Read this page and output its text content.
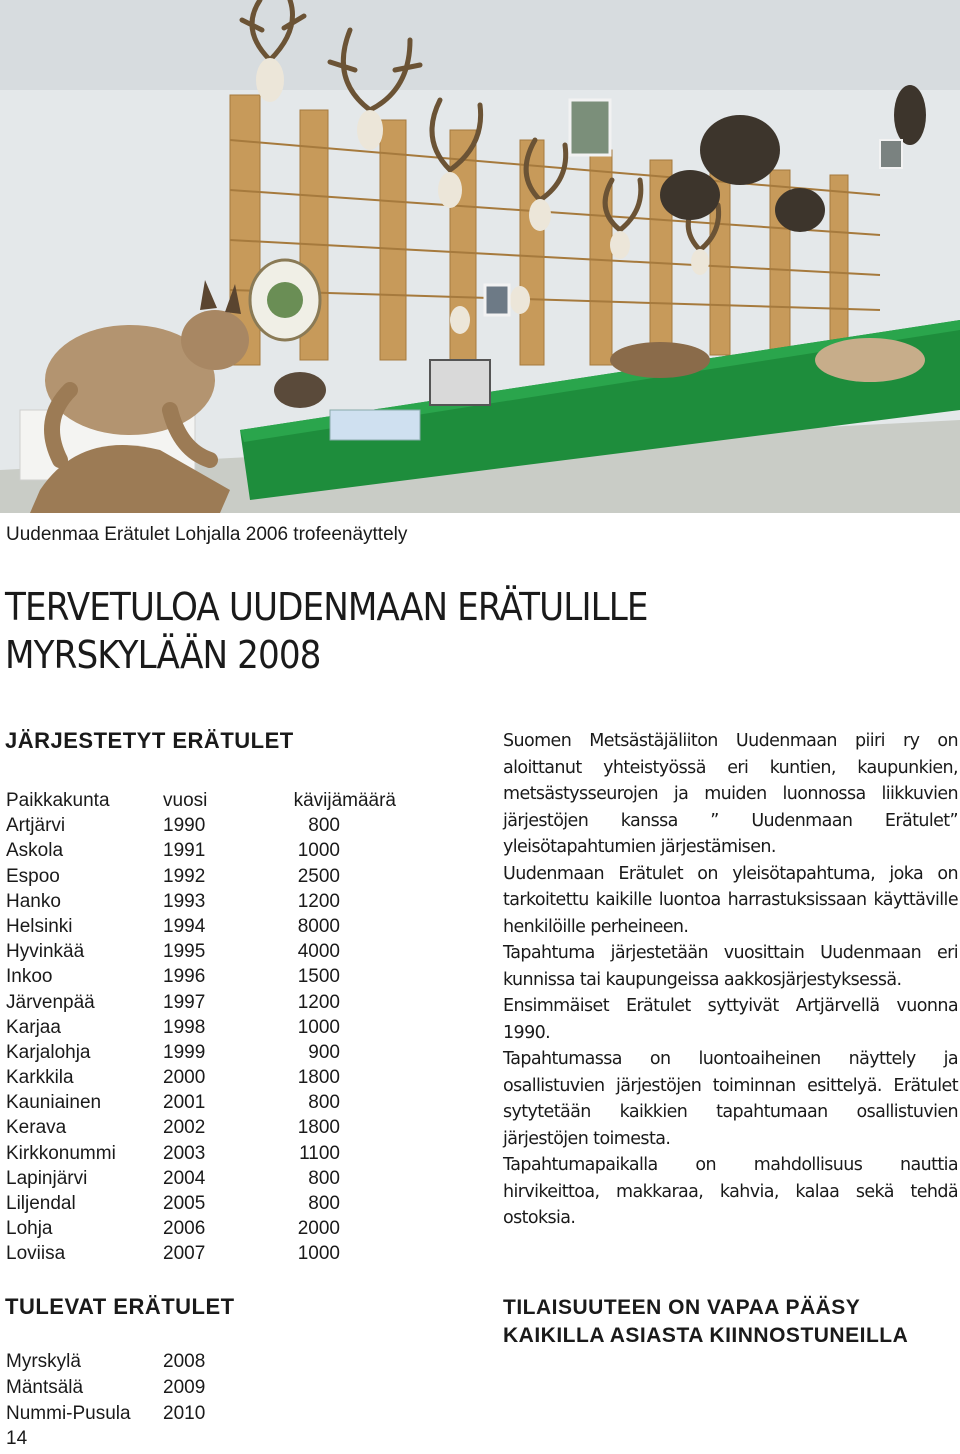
Uudenmaa Erätulet Lohjalla 2006 trofeenäyttely
TERVETULOA UUDENMAAN ERÄTULILLE
MYRSKYLÄÄN 2008
JÄRJESTETYT ERÄTULET
Paikkakunta	vuosi	kävijämäärä
Artjärvi	1990	800
Askola	1991	1000
Espoo	1992	2500
Hanko	1993	1200
Helsinki	1994	8000
Hyvinkää	1995	4000
Inkoo	1996	1500
Järvenpää	1997	1200
Karjaa	1998	1000
Karjalohja	1999	900
Karkkila	2000	1800
Kauniainen	2001	800
Kerava	2002	1800
Kirkkonummi 2003	1100
Lapinjärvi	2004	800
Liljendal	2005	800
Lohja	2006	2000
Loviisa	2007	1000
TULEVAT ERÄTULET
Myrskylä	2008
Mäntsälä	2009
Nummi-Pusula 2010
14

Suomen Metsästäjäliiton Uudenmaan piiri ry on aloittanut yhteistyössä eri kuntien, kaupunkien, metsästysseurojen ja muiden luonnossa liikkuvien järjestöjen kanssa ” Uudenmaan Erätulet” yleisötapahtumien järjestämisen.

Uudenmaan Erätulet on yleisötapahtuma, joka on tarkoitettu kaikille luontoa harrastuksissaan käyttäville henkilöille perheineen.

Tapahtuma järjestetään vuosittain Uudenmaan eri kunnissa tai kaupungeissa aakkosjärjestyksessä.

Ensimmäiset Erätulet syttyivät Artjärvellä vuonna 1990.

Tapahtumassa on luontoaiheinen näyttely ja osallistuvien järjestöjen toiminnan esittelyä. Erätulet sytytetään kaikkien tapahtumaan osallistuvien järjestöjen toimesta.

Tapahtumapaikalla on mahdollisuus nauttia hirvikeittoa, makkaraa, kahvia, kalaa sekä tehdä ostoksia.

TILAISUUTEEN ON VAPAA PÄÄSY
KAIKILLA ASIASTA KIINNOSTUNEILLA
